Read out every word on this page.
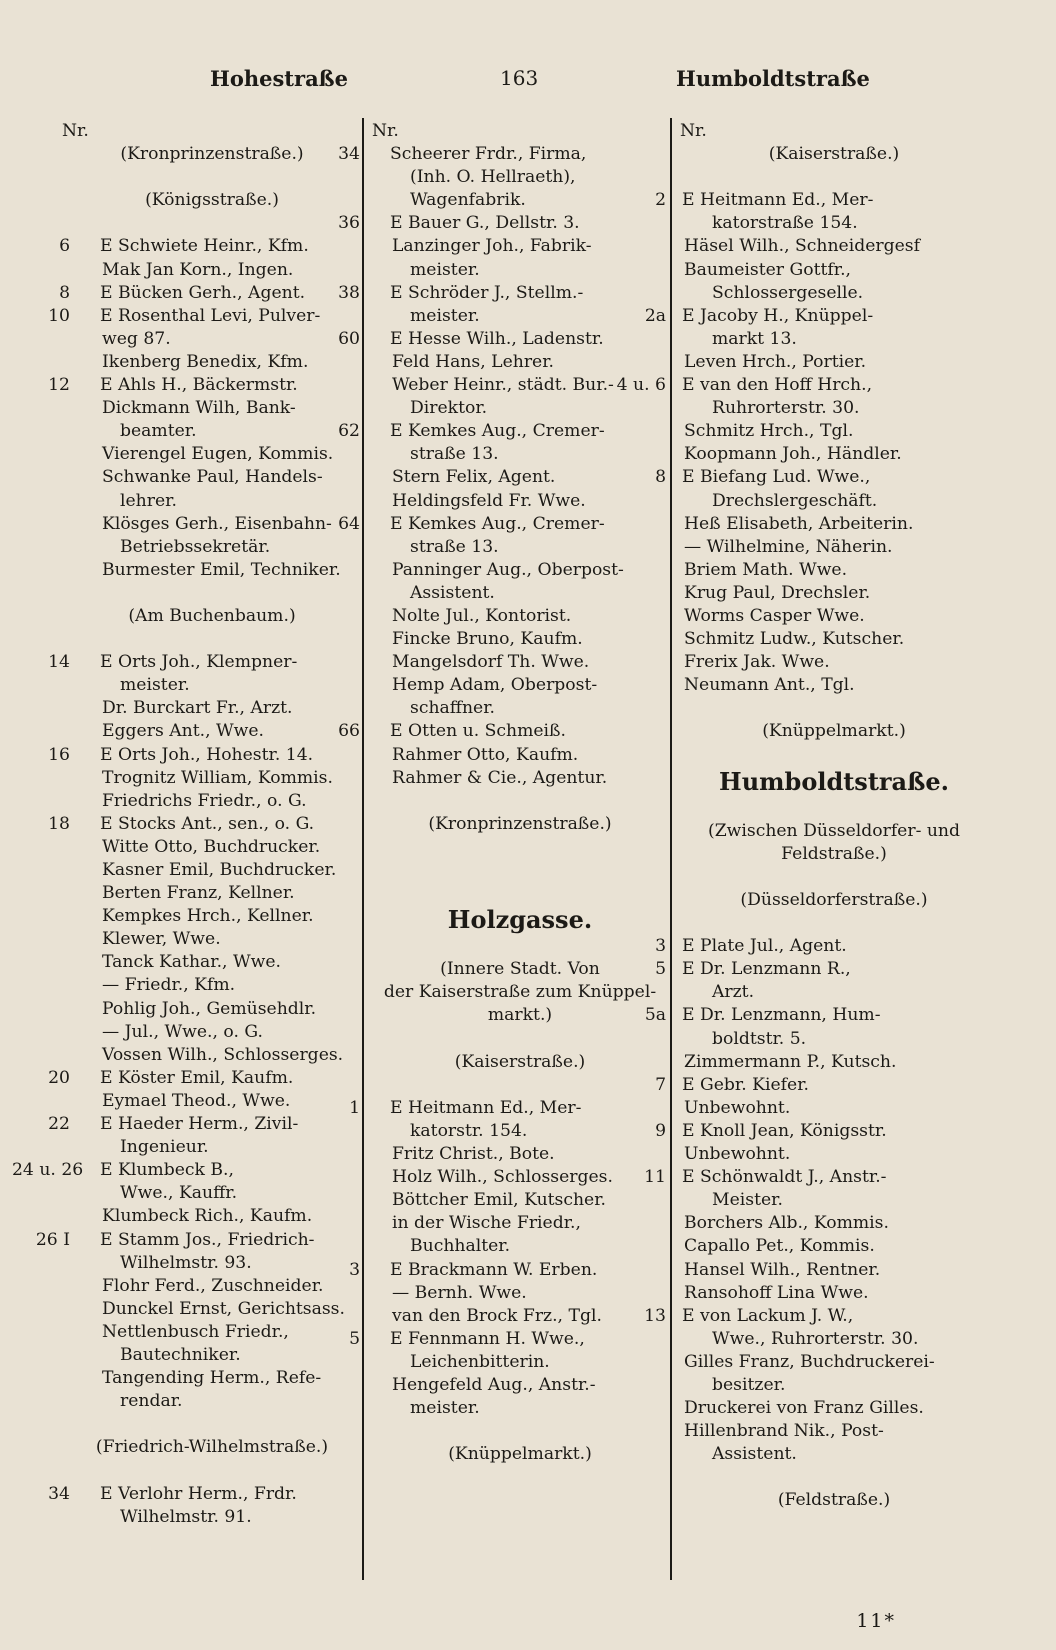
Hohestraße	163	Humboldtstraße
Nr.
(Kronprinzenstraße.)
(Königsstraße.)
6 E Schwiete Heinr., Kfm.
Mak Jan Korn., Ingen.
8 E Bücken Gerh., Agent.
10 E Rosenthal Levi, Pulver-
weg 87.
Ikenberg Benedix, Kfm.
12 E Ahls H., Bäckermstr.
Dickmann Wilh, Bank-
beamter.
Vierengel Eugen, Kommis.
Schwanke Paul, Handels-
lehrer.
Klösges Gerh., Eisenbahn-
Betriebssekretär.
Burmester Emil, Techniker.
(Am Buchenbaum.)
14 E Orts Joh., Klempner-
meister.
Dr. Burckart Fr., Arzt.
Eggers Ant., Wwe.
16 E Orts Joh., Hohestr. 14.
Trognitz William, Kommis.
Friedrichs Friedr., o. G.
18 E Stocks Ant., sen., o. G.
Witte Otto, Buchdrucker.
Kasner Emil, Buchdrucker.
Berten Franz, Kellner.
Kempkes Hrch., Kellner.
Klewer, Wwe.
Tanck Kathar., Wwe.
— Friedr., Kfm.
Pohlig Joh., Gemüsehdlr.
— Jul., Wwe., o. G.
Vossen Wilh., Schlosserges.
20 E Köster Emil, Kaufm.
Eymael Theod., Wwe.
22 E Haeder Herm., Zivil-
Ingenieur.
24 u. 26 E Klumbeck B.,
Wwe., Kauffr.
Klumbeck Rich., Kaufm.
26 I E Stamm Jos., Friedrich-
Wilhelmstr. 93.
Flohr Ferd., Zuschneider.
Dunckel Ernst, Gerichtsass.
Nettlenbusch Friedr.,
Bautechniker.
Tangending Herm., Refe-
rendar.
(Friedrich-Wilhelmstraße.)
34 E Verlohr Herm., Frdr.
Wilhelmstr. 91.
Nr.
34 Scheerer Frdr., Firma,
(Inh. O. Hellraeth),
Wagenfabrik.
36 E Bauer G., Dellstr. 3.
Lanzinger Joh., Fabrik-
meister.
38 E Schröder J., Stellm.-
meister.
60 E Hesse Wilh., Ladenstr.
Feld Hans, Lehrer.
Weber Heinr., städt. Bur.-
Direktor.
62 E Kemkes Aug., Cremer-
straße 13.
Stern Felix, Agent.
Heldingsfeld Fr. Wwe.
64 E Kemkes Aug., Cremer-
straße 13.
Panninger Aug., Oberpost-
Assistent.
Nolte Jul., Kontorist.
Fincke Bruno, Kaufm.
Mangelsdorf Th. Wwe.
Hemp Adam, Oberpost-
schaffner.
66 E Otten u. Schmeiß.
Rahmer Otto, Kaufm.
Rahmer & Cie., Agentur.
(Kronprinzenstraße.)
Holzgasse.
(Innere Stadt. Von
der Kaiserstraße zum Knüppel-
markt.)
(Kaiserstraße.)
1 E Heitmann Ed., Mer-
katorstr. 154.
Fritz Christ., Bote.
Holz Wilh., Schlosserges.
Böttcher Emil, Kutscher.
in der Wische Friedr.,
Buchhalter.
3 E Brackmann W. Erben.
— Bernh. Wwe.
van den Brock Frz., Tgl.
5 E Fennmann H. Wwe.,
Leichenbitterin.
Hengefeld Aug., Anstr.-
meister.
(Knüppelmarkt.)
Nr.
(Kaiserstraße.)
2 E Heitmann Ed., Mer-
katorstraße 154.
Häsel Wilh., Schneidergesf
Baumeister Gottfr.,
Schlossergeselle.
2a E Jacoby H., Knüppel-
markt 13.
Leven Hrch., Portier.
4 u. 6 E van den Hoff Hrch.,
Ruhrorterstr. 30.
Schmitz Hrch., Tgl.
Koopmann Joh., Händler.
8 E Biefang Lud. Wwe.,
Drechslergeschäft.
Heß Elisabeth, Arbeiterin.
— Wilhelmine, Näherin.
Briem Math. Wwe.
Krug Paul, Drechsler.
Worms Casper Wwe.
Schmitz Ludw., Kutscher.
Frerix Jak. Wwe.
Neumann Ant., Tgl.
(Knüppelmarkt.)
Humboldtstraße.
(Zwischen Düsseldorfer- und
Feldstraße.)
(Düsseldorferstraße.)
3 E Plate Jul., Agent.
5 E Dr. Lenzmann R.,
Arzt.
5a E Dr. Lenzmann, Hum-
boldtstr. 5.
Zimmermann P., Kutsch.
7 E Gebr. Kiefer.
Unbewohnt.
9 E Knoll Jean, Königsstr.
Unbewohnt.
11 E Schönwaldt J., Anstr.-
Meister.
Borchers Alb., Kommis.
Capallo Pet., Kommis.
Hansel Wilh., Rentner.
Ransohoff Lina Wwe.
13 E von Lackum J. W.,
Wwe., Ruhrorterstr. 30.
Gilles Franz, Buchdruckerei-
besitzer.
Druckerei von Franz Gilles.
Hillenbrand Nik., Post-
Assistent.
(Feldstraße.)
11*
